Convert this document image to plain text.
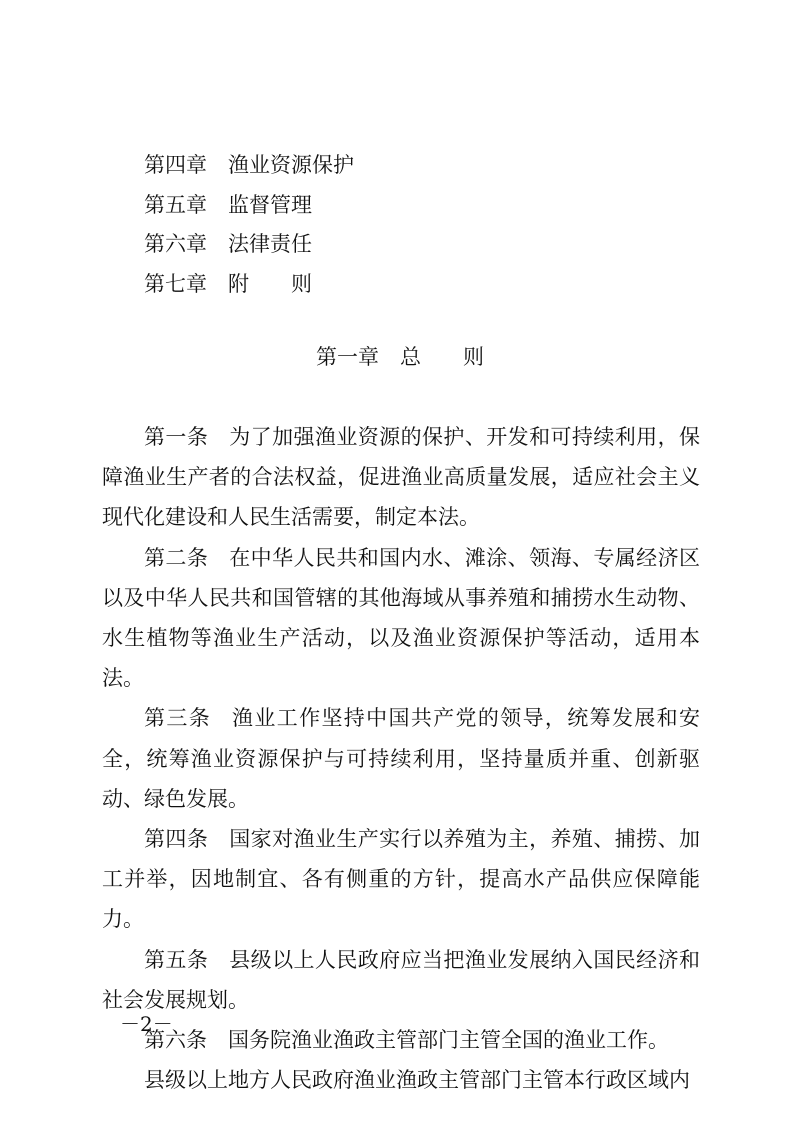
第四章 渔业资源保护
第五章 监督管理
第六章 法律责任
第七章 附则
第一章 总则

第一条 为了加强渔业资源的保护、开发和可持续利用，保障渔业生产者的合法权益，促进渔业高质量发展，适应社会主义现代化建设和人民生活需要，制定本法。

第二条 在中华人民共和国内水、滩涂、领海、专属经济区以及中华人民共和国管辖的其他海域从事养殖和捕捞水生动物、水生植物等渔业生产活动，以及渔业资源保护等活动，适用本法。

第三条 渔业工作坚持中国共产党的领导，统筹发展和安全，统筹渔业资源保护与可持续利用，坚持量质并重、创新驱动、绿色发展。

第四条 国家对渔业生产实行以养殖为主，养殖、捕捞、加工并举，因地制宜、各有侧重的方针，提高水产品供应保障能力。

第五条 县级以上人民政府应当把渔业发展纳入国民经济和社会发展规划。

第六条 国务院渔业渔政主管部门主管全国的渔业工作。

县级以上地方人民政府渔业渔政主管部门主管本行政区域内

－2－
